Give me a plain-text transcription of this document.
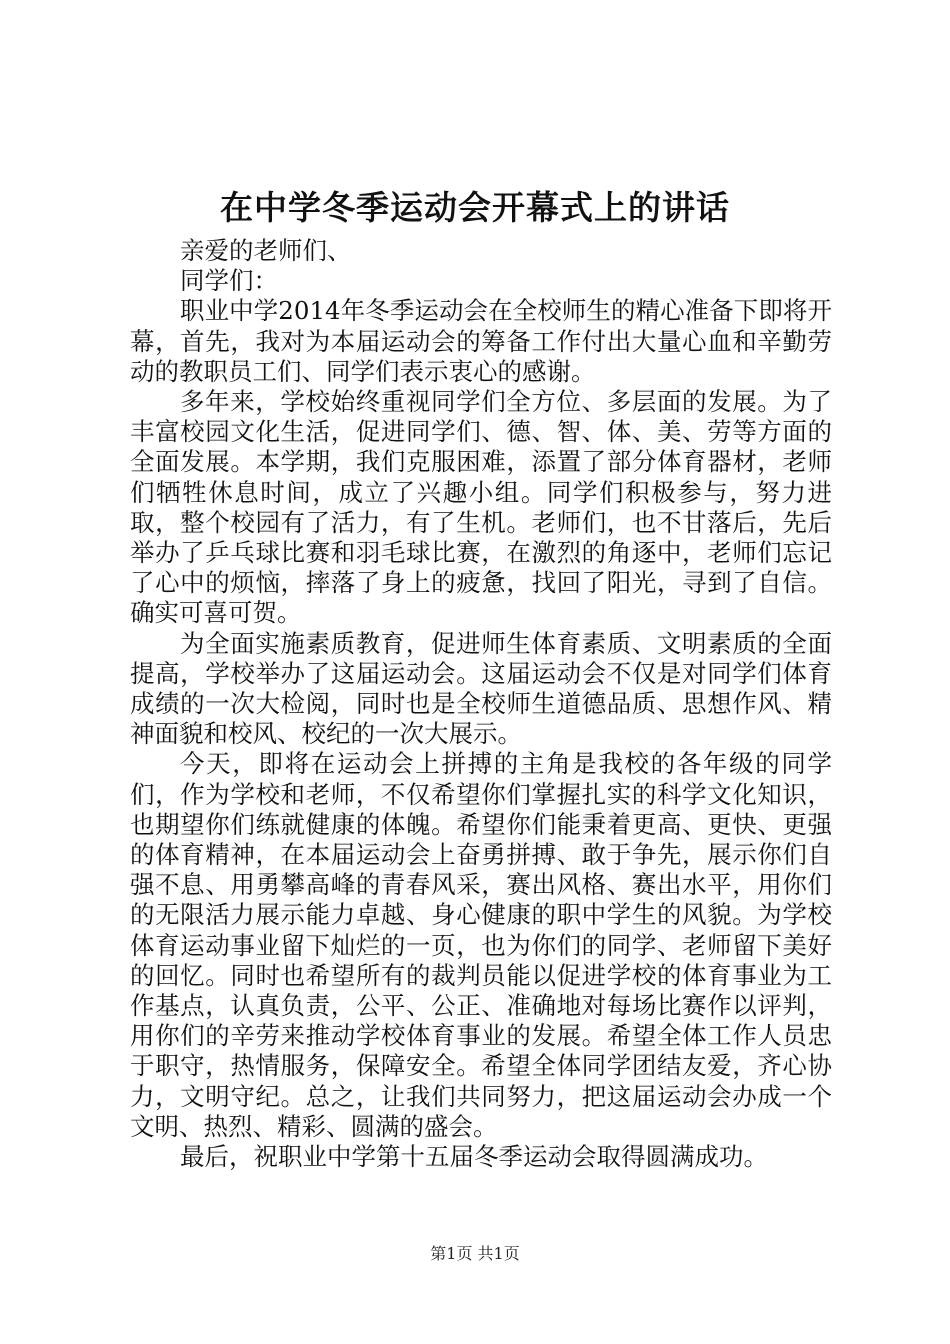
在中学冬季运动会开幕式上的讲话

亲爱的老师们、

同学们：

职业中学2014年冬季运动会在全校师生的精心准备下即将开幕，首先，我对为本届运动会的筹备工作付出大量心血和辛勤劳动的教职员工们、同学们表示衷心的感谢。

多年来，学校始终重视同学们全方位、多层面的发展。为了丰富校园文化生活，促进同学们、德、智、体、美、劳等方面的全面发展。本学期，我们克服困难，添置了部分体育器材，老师们牺牲休息时间，成立了兴趣小组。同学们积极参与，努力进取，整个校园有了活力，有了生机。老师们，也不甘落后，先后举办了乒乓球比赛和羽毛球比赛，在激烈的角逐中，老师们忘记了心中的烦恼，摔落了身上的疲惫，找回了阳光，寻到了自信。确实可喜可贺。

为全面实施素质教育，促进师生体育素质、文明素质的全面提高，学校举办了这届运动会。这届运动会不仅是对同学们体育成绩的一次大检阅，同时也是全校师生道德品质、思想作风、精神面貌和校风、校纪的一次大展示。

今天，即将在运动会上拼搏的主角是我校的各年级的同学们，作为学校和老师，不仅希望你们掌握扎实的科学文化知识，也期望你们练就健康的体魄。希望你们能秉着更高、更快、更强的体育精神，在本届运动会上奋勇拼搏、敢于争先，展示你们自强不息、用勇攀高峰的青春风采，赛出风格、赛出水平，用你们的无限活力展示能力卓越、身心健康的职中学生的风貌。为学校体育运动事业留下灿烂的一页，也为你们的同学、老师留下美好的回忆。同时也希望所有的裁判员能以促进学校的体育事业为工作基点，认真负责，公平、公正、准确地对每场比赛作以评判，用你们的辛劳来推动学校体育事业的发展。希望全体工作人员忠于职守，热情服务，保障安全。希望全体同学团结友爱，齐心协力，文明守纪。总之，让我们共同努力，把这届运动会办成一个文明、热烈、精彩、圆满的盛会。

最后，祝职业中学第十五届冬季运动会取得圆满成功。

第1页 共1页
